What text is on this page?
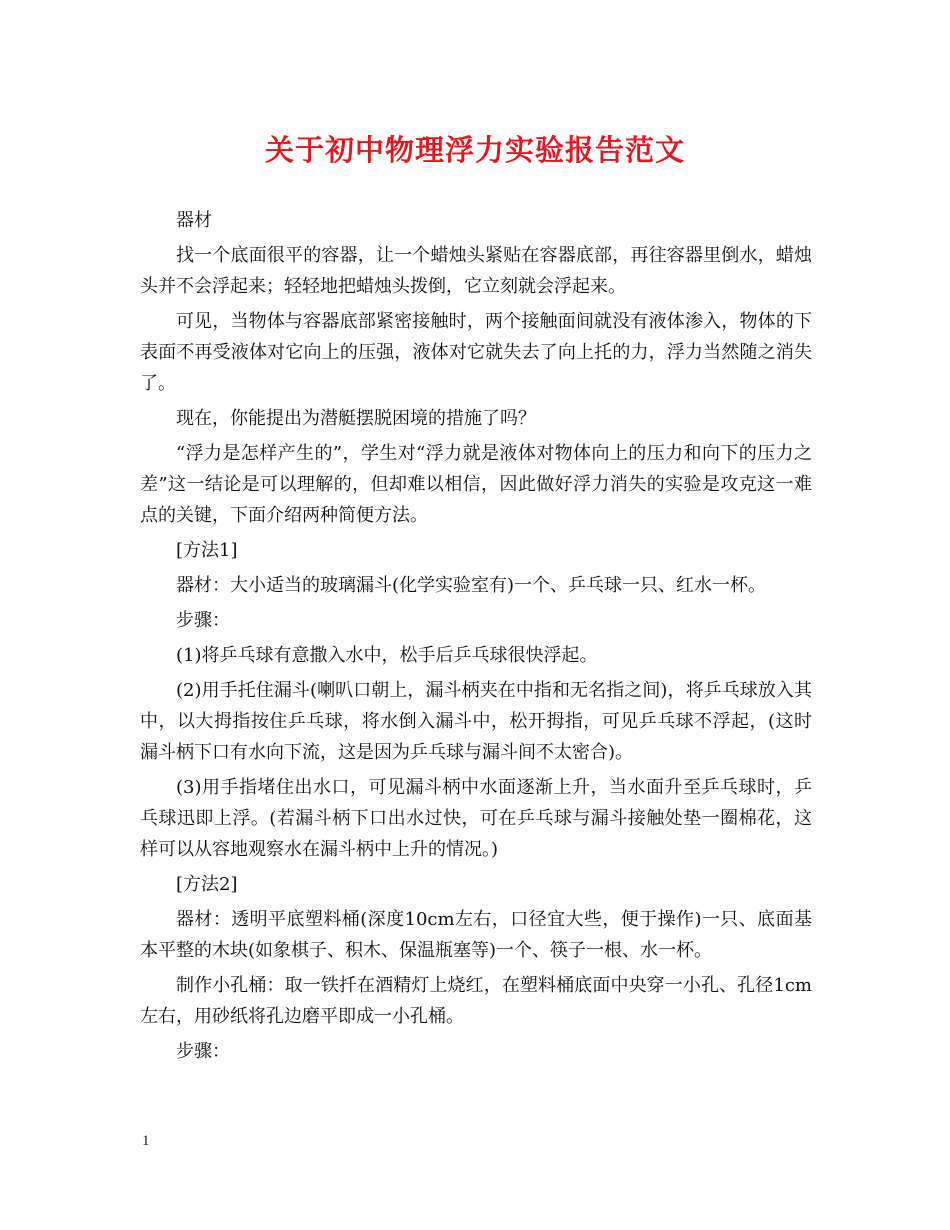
关于初中物理浮力实验报告范文

器材

找一个底面很平的容器，让一个蜡烛头紧贴在容器底部，再往容器里倒水，蜡烛头并不会浮起来；轻轻地把蜡烛头拨倒，它立刻就会浮起来。

可见，当物体与容器底部紧密接触时，两个接触面间就没有液体渗入，物体的下表面不再受液体对它向上的压强，液体对它就失去了向上托的力，浮力当然随之消失了。

现在，你能提出为潜艇摆脱困境的措施了吗？

“浮力是怎样产生的”，学生对“浮力就是液体对物体向上的压力和向下的压力之差”这一结论是可以理解的，但却难以相信，因此做好浮力消失的实验是攻克这一难点的关键，下面介绍两种简便方法。

[方法1]

器材：大小适当的玻璃漏斗(化学实验室有)一个、乒乓球一只、红水一杯。

步骤：

(1)将乒乓球有意撒入水中，松手后乒乓球很快浮起。

(2)用手托住漏斗(喇叭口朝上，漏斗柄夹在中指和无名指之间)，将乒乓球放入其中，以大拇指按住乒乓球，将水倒入漏斗中，松开拇指，可见乒乓球不浮起，(这时漏斗柄下口有水向下流，这是因为乒乓球与漏斗间不太密合)。

(3)用手指堵住出水口，可见漏斗柄中水面逐渐上升，当水面升至乒乓球时，乒乓球迅即上浮。(若漏斗柄下口出水过快，可在乒乓球与漏斗接触处垫一圈棉花，这样可以从容地观察水在漏斗柄中上升的情况。)

[方法2]

器材：透明平底塑料桶(深度10cm左右，口径宜大些，便于操作)一只、底面基本平整的木块(如象棋子、积木、保温瓶塞等)一个、筷子一根、水一杯。

制作小孔桶：取一铁扦在酒精灯上烧红，在塑料桶底面中央穿一小孔、孔径1cm左右，用砂纸将孔边磨平即成一小孔桶。

步骤：

1
